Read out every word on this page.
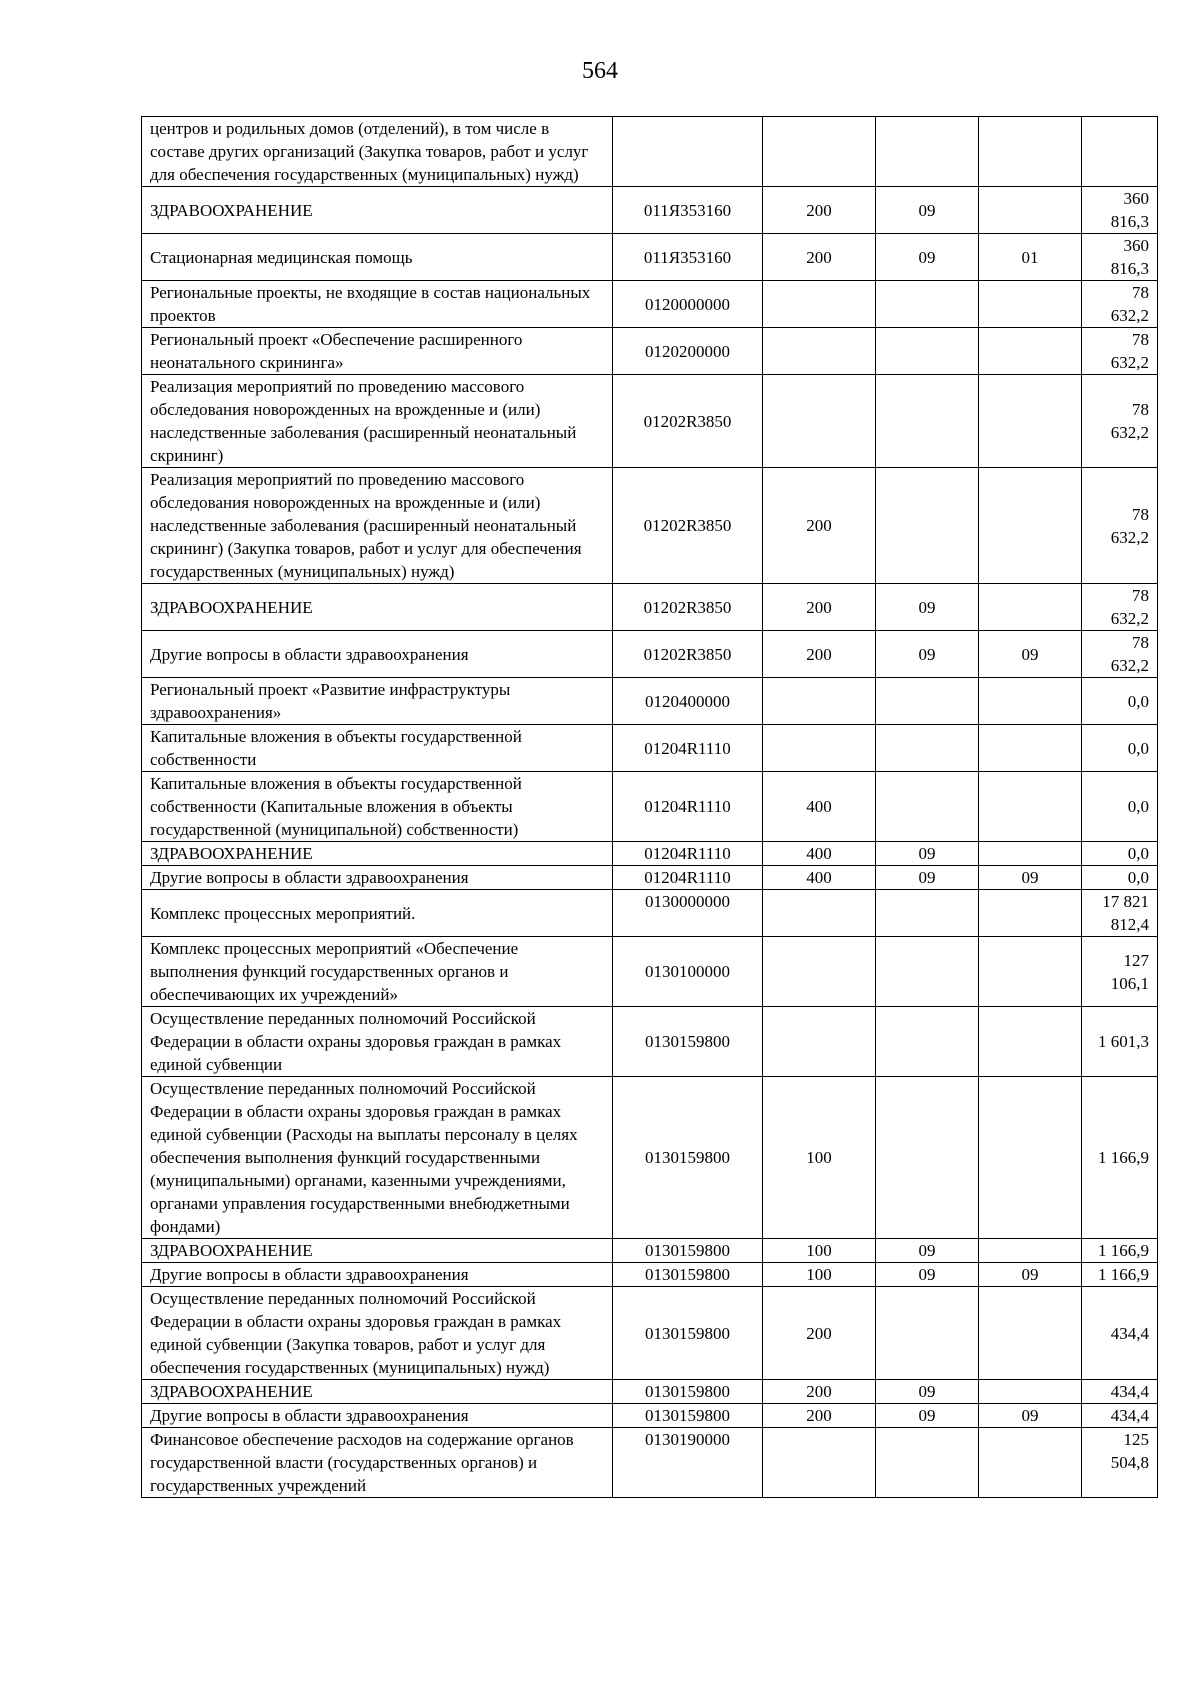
564
центров и родильных домов (отделений), в том числе в составе других организаций (Закупка товаров, работ и услуг для обеспечения государственных (муниципальных) нужд)					
ЗДРАВООХРАНЕНИЕ	011Я353160	200	09		360 816,3
Стационарная медицинская помощь	011Я353160	200	09	01	360 816,3
Региональные проекты, не входящие в состав национальных проектов	0120000000				78 632,2
Региональный проект «Обеспечение расширенного неонатального скрининга»	0120200000				78 632,2
Реализация мероприятий по проведению массового обследования новорожденных на врожденные и (или) наследственные заболевания (расширенный неонатальный скрининг)	01202R3850				78 632,2
Реализация мероприятий по проведению массового обследования новорожденных на врожденные и (или) наследственные заболевания (расширенный неонатальный скрининг) (Закупка товаров, работ и услуг для обеспечения государственных (муниципальных) нужд)	01202R3850	200			78 632,2
ЗДРАВООХРАНЕНИЕ	01202R3850	200	09		78 632,2
Другие вопросы в области здравоохранения	01202R3850	200	09	09	78 632,2
Региональный проект «Развитие инфраструктуры здравоохранения»	0120400000				0,0
Капитальные вложения в объекты государственной собственности	01204R1110				0,0
Капитальные вложения в объекты государственной собственности (Капитальные вложения в объекты государственной (муниципальной) собственности)	01204R1110	400			0,0
ЗДРАВООХРАНЕНИЕ	01204R1110	400	09		0,0
Другие вопросы в области здравоохранения	01204R1110	400	09	09	0,0
Комплекс процессных мероприятий.	0130000000				17 821 812,4
Комплекс процессных мероприятий «Обеспечение выполнения функций государственных органов и обеспечивающих их учреждений»	0130100000				127 106,1
Осуществление переданных полномочий Российской Федерации в области охраны здоровья граждан в рамках единой субвенции	0130159800				1 601,3
Осуществление переданных полномочий Российской Федерации в области охраны здоровья граждан в рамках единой субвенции (Расходы на выплаты персоналу в целях обеспечения выполнения функций государственными (муниципальными) органами, казенными учреждениями, органами управления государственными внебюджетными фондами)	0130159800	100			1 166,9
ЗДРАВООХРАНЕНИЕ	0130159800	100	09		1 166,9
Другие вопросы в области здравоохранения	0130159800	100	09	09	1 166,9
Осуществление переданных полномочий Российской Федерации в области охраны здоровья граждан в рамках единой субвенции (Закупка товаров, работ и услуг для обеспечения государственных (муниципальных) нужд)	0130159800	200			434,4
ЗДРАВООХРАНЕНИЕ	0130159800	200	09		434,4
Другие вопросы в области здравоохранения	0130159800	200	09	09	434,4
Финансовое обеспечение расходов на содержание органов государственной власти (государственных органов) и государственных учреждений	0130190000				125 504,8
